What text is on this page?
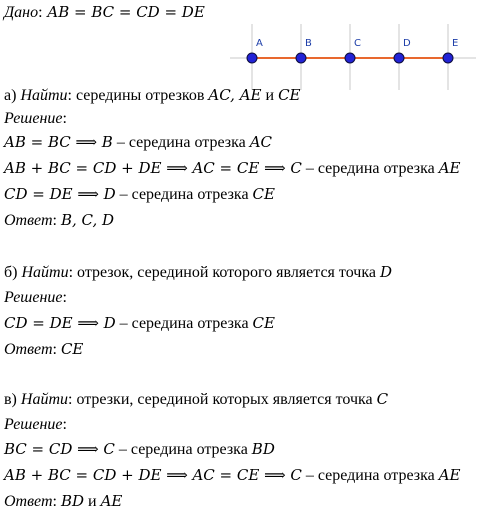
Дано: AB = BC = CD = DE
A	B	C	D	E
а) Найти: середины отрезков AC, AE и CE
Решение:
AB = BC ⟹ B – середина отрезка AC
AB + BC = CD + DE ⟹ AC = CE ⟹ C – середина отрезка AE
CD = DE ⟹ D – середина отрезка CE
Ответ: B, C, D
б) Найти: отрезок, серединой которого является точка D
Решение:
CD = DE ⟹ D – середина отрезка CE
Ответ: CE
в) Найти: отрезки, серединой которых является точка C
Решение:
BC = CD ⟹ C – середина отрезка BD
AB + BC = CD + DE ⟹ AC = CE ⟹ C – середина отрезка AE
Ответ: BD и AE
